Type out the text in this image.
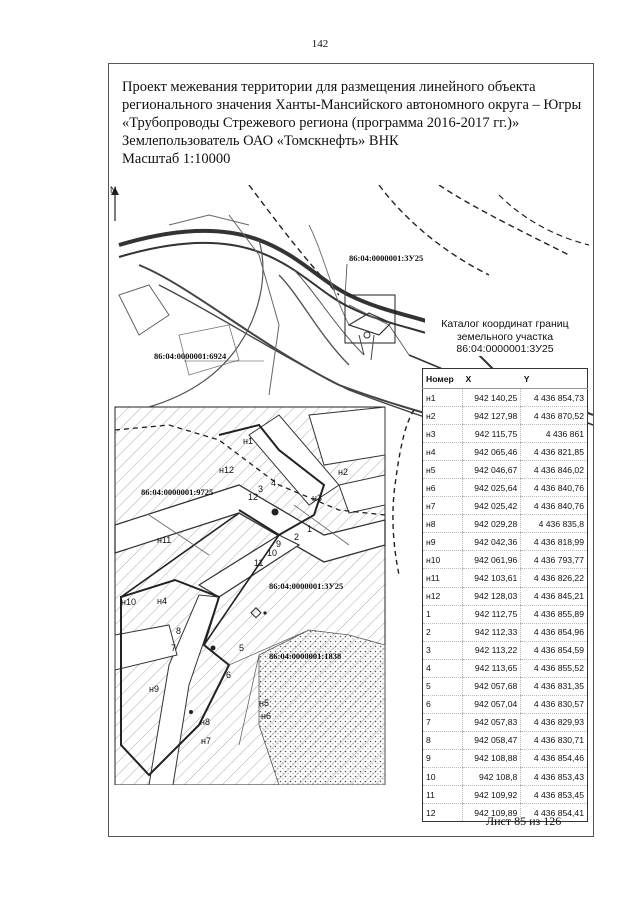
142
Проект межевания территории для размещения линейного объекта
регионального значения Ханты-Мансийского автономного округа – Югры
«Трубопроводы Стрежевого региона (программа 2016-2017 гг.)»
Землепользователь ОАО «Томскнефть» ВНК
Масштаб 1:10000
N
86:04:0000001:3У25
86:04:0000001:6924
86:04:0000001:9725
86:04:0000001:3У25
86:04:0000001:1838
н1
н2
н3
н4
н5
н6
н7
н8
н9
н10
н11
н12
1
2
3
4
5
6
7
8
9
10
11
12
Каталог координат границ
земельного участка
86:04:0000001:3У25
Номер	X	Y
н1	942 140,25	4 436 854,73
н2	942 127,98	4 436 870,52
н3	942 115,75	4 436 861
н4	942 065,46	4 436 821,85
н5	942 046,67	4 436 846,02
н6	942 025,64	4 436 840,76
н7	942 025,42	4 436 840,76
н8	942 029,28	4 436 835,8
н9	942 042,36	4 436 818,99
н10	942 061,96	4 436 793,77
н11	942 103,61	4 436 826,22
н12	942 128,03	4 436 845,21
1	942 112,75	4 436 855,89
2	942 112,33	4 436 854,96
3	942 113,22	4 436 854,59
4	942 113,65	4 436 855,52
5	942 057,68	4 436 831,35
6	942 057,04	4 436 830,57
7	942 057,83	4 436 829,93
8	942 058,47	4 436 830,71
9	942 108,88	4 436 854,46
10	942 108,8	4 436 853,43
11	942 109,92	4 436 853,45
12	942 109,89	4 436 854,41
Лист 85 из 126
